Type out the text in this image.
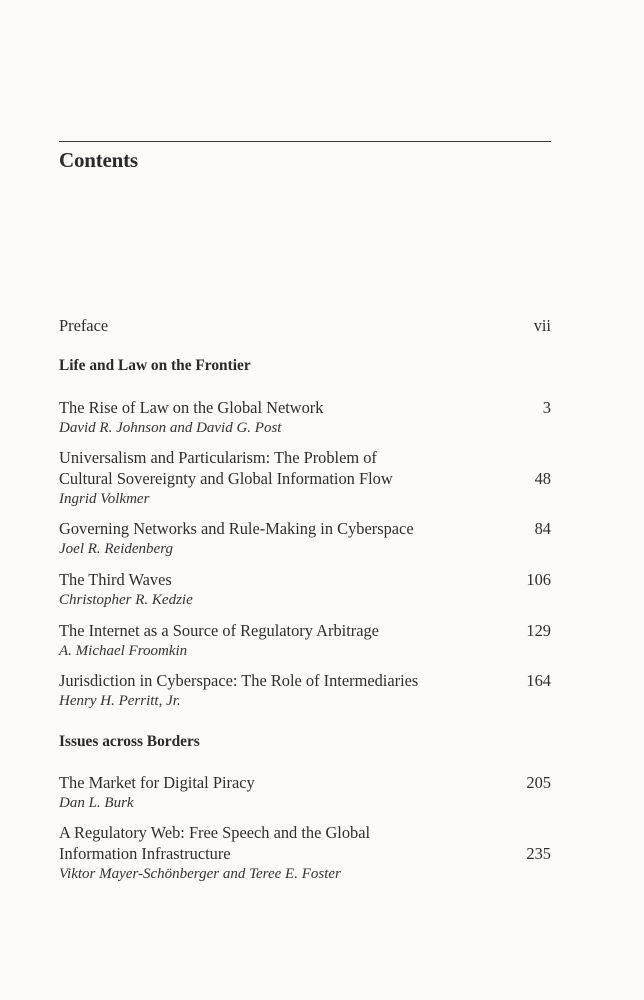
Contents
Preface	vii
Life and Law on the Frontier
The Rise of Law on the Global Network	3
David R. Johnson and David G. Post
Universalism and Particularism: The Problem of
Cultural Sovereignty and Global Information Flow	48
Ingrid Volkmer
Governing Networks and Rule-Making in Cyberspace	84
Joel R. Reidenberg
The Third Waves	106
Christopher R. Kedzie
The Internet as a Source of Regulatory Arbitrage	129
A. Michael Froomkin
Jurisdiction in Cyberspace: The Role of Intermediaries	164
Henry H. Perritt, Jr.
Issues across Borders
The Market for Digital Piracy	205
Dan L. Burk
A Regulatory Web: Free Speech and the Global
Information Infrastructure	235
Viktor Mayer-Schönberger and Teree E. Foster
